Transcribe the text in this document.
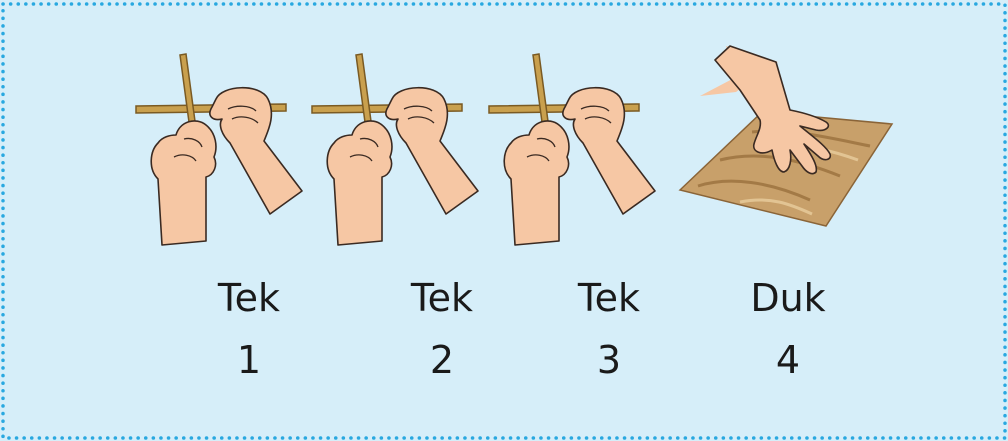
Tek
1
Tek
2
Tek
3
Duk
4
